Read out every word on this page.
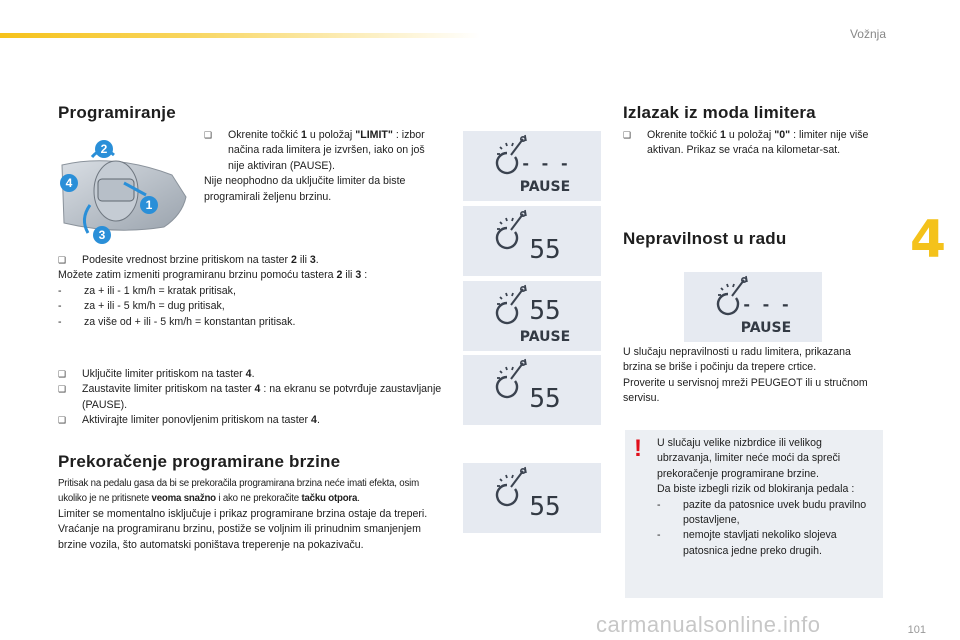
Vožnja
4
Programiranje
2
4
1
3
❑ Okrenite točkić 1 u položaj "LIMIT" : izbor načina rada limitera je izvršen, iako on još nije aktiviran (PAUSE).

Nije neophodno da uključite limiter da biste programirali željenu brzinu.

❑ Podesite vrednost brzine pritiskom na taster 2 ili 3.

Možete zatim izmeniti programiranu brzinu pomoću tastera 2 ili 3 :

- za + ili - 1 km/h = kratak pritisak,
- za + ili - 5 km/h = dug pritisak,
- za više od + ili - 5 km/h = konstantan pritisak.
❑ Uključite limiter pritiskom na taster 4.
❑ Zaustavite limiter pritiskom na taster 4 : na ekranu se potvrđuje zaustavljanje (PAUSE).
❑ Aktivirajte limiter ponovljenim pritiskom na taster 4.
Prekoračenje programirane brzine

Pritisak na pedalu gasa da bi se prekoračila programirana brzina neće imati efekta, osim ukoliko je ne pritisnete veoma snažno i ako ne prekoračite tačku otpora.

Limiter se momentalno isključuje i prikaz programirane brzina ostaje da treperi.

Vraćanje na programiranu brzinu, postiže se voljnim ili prinudnim smanjenjem brzine vozila, što automatski poništava treperenje na pokazivaču.

- - -
PAUSE
55
55
PAUSE
55
55
- - -
PAUSE
Izlazak iz moda limitera
❑ Okrenite točkić 1 u položaj "0" : limiter nije više aktivan. Prikaz se vraća na kilometar-sat.
Nepravilnost u radu

U slučaju nepravilnosti u radu limitera, prikazana brzina se briše i počinju da trepere crtice.

Proverite u servisnoj mreži PEUGEOT ili u stručnom servisu.

! U slučaju velike nizbrdice ili velikog ubrzavanja, limiter neće moći da spreči prekoračenje programirane brzine.

Da biste izbegli rizik od blokiranja pedala :

- pazite da patosnice uvek budu pravilno postavljene,
- nemojte stavljati nekoliko slojeva patosnica jedne preko drugih.
101
carmanualsonline.info
